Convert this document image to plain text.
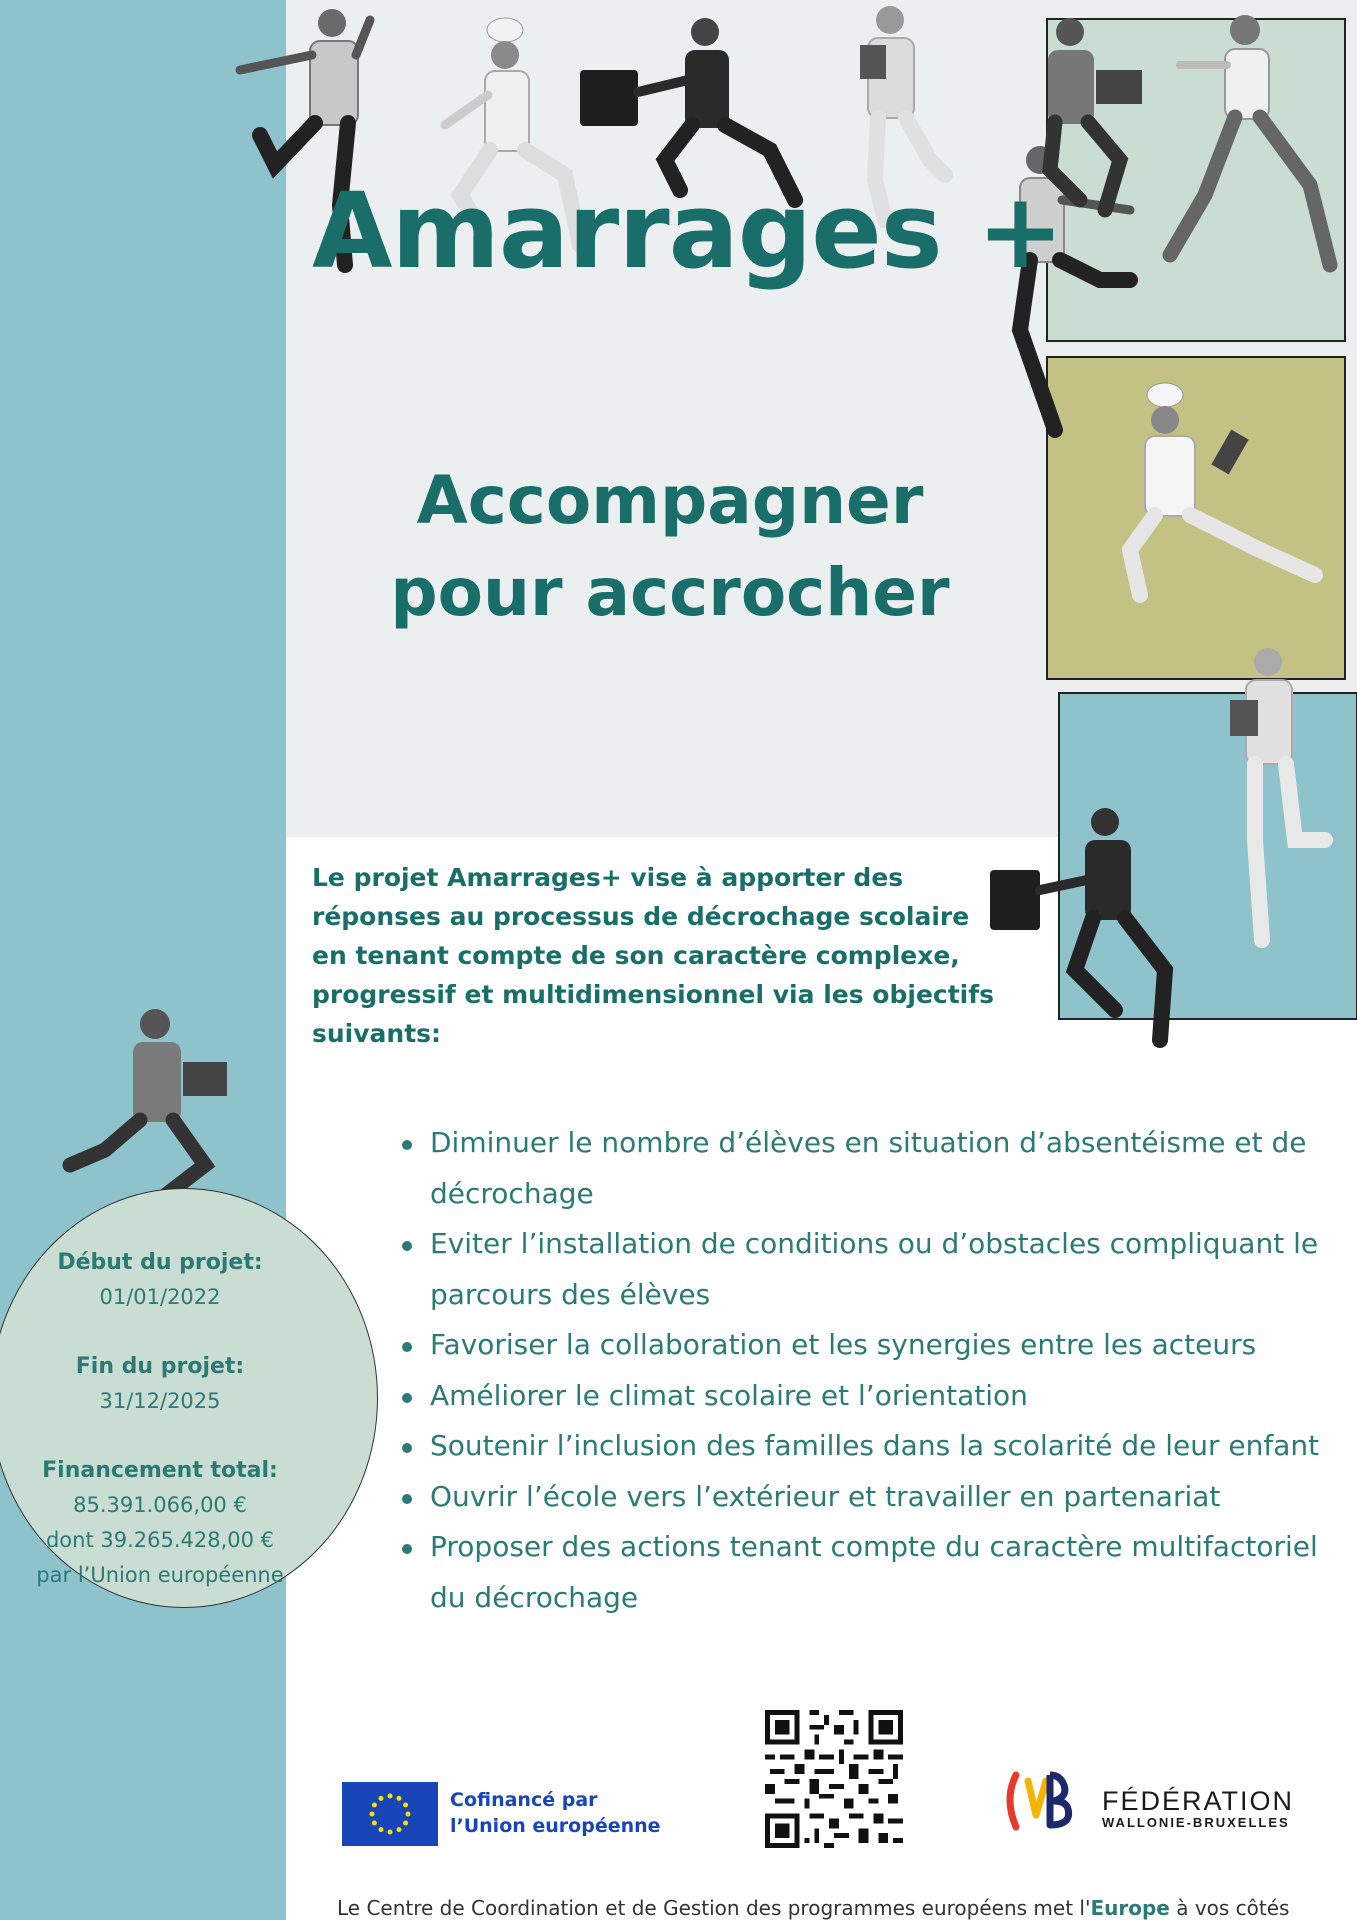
Amarrages +
Accompagner
pour accrocher
Le projet Amarrages+ vise à apporter des réponses au processus de décrochage scolaire en tenant compte de son caractère complexe, progressif et multidimensionnel via les objectifs suivants:
Diminuer le nombre d’élèves en situation d’absentéisme et de décrochage
Eviter l’installation de conditions ou d’obstacles compliquant le parcours des élèves
Favoriser la collaboration et les synergies entre les acteurs
Améliorer le climat scolaire et l’orientation
Soutenir l’inclusion des familles dans la scolarité de leur enfant
Ouvrir l’école vers l’extérieur et travailler en partenariat
Proposer des actions tenant compte du caractère multifactoriel du décrochage
Début du projet:
01/01/2022
Fin du projet:
31/12/2025
Financement total:
85.391.066,00 €
dont 39.265.428,00 €
par l’Union européenne
Cofinancé par
l’Union européenne
FÉDÉRATION
WALLONIE-BRUXELLES
Le Centre de Coordination et de Gestion des programmes européens met l'Europe à vos côtés
